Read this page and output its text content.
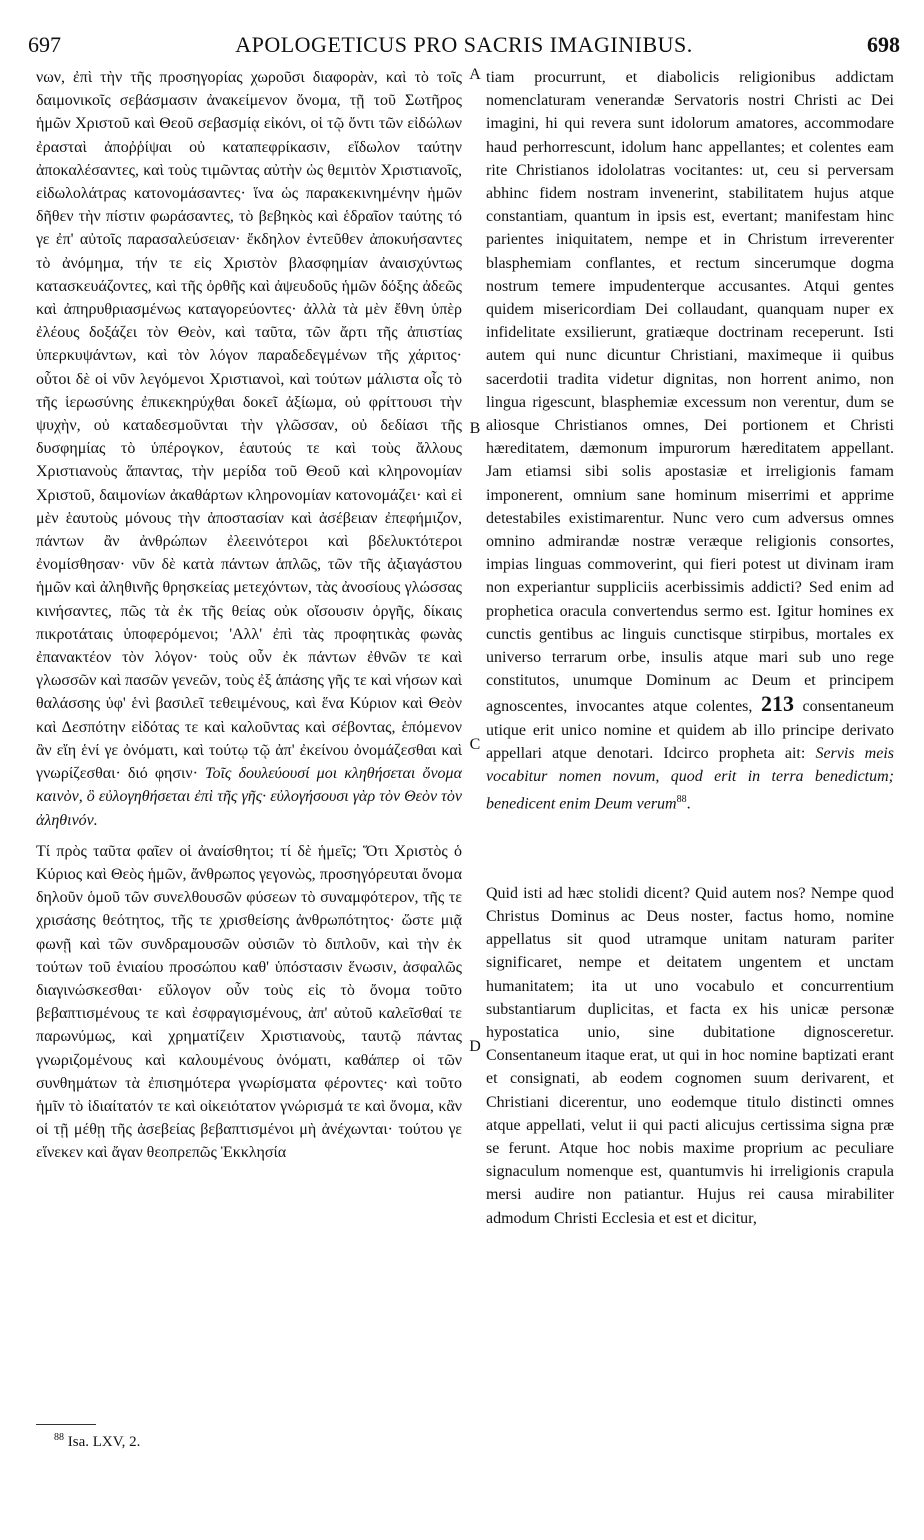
697	APOLOGETICUS PRO SACRIS IMAGINIBUS.	698

νων, ἐπὶ τὴν τῆς προσηγορίας χωροῦσι διαφορὰν, καὶ τὸ τοῖς δαιμονικοῖς σεβάσμασιν ἀνακείμενον ὄνομα, τῇ τοῦ Σωτῆρος ἡμῶν Χριστοῦ καὶ Θεοῦ σεβασμίᾳ εἰκόνι, οἱ τῷ ὄντι τῶν εἰδώλων ἐρασταὶ ἀποῤῥίψαι οὐ καταπεφρίκασιν, εἴδωλον ταύτην ἀποκαλέσαντες, καὶ τοὺς τιμῶντας αὐτὴν ὡς θεμιτὸν Χριστιανοῖς, εἰδωλολάτρας κατονομάσαντες· ἵνα ὡς παρακεκινημένην ἡμῶν δῆθεν τὴν πίστιν φωράσαντες, τὸ βεβηκὸς καὶ ἑδραῖον ταύτης τό γε ἐπ' αὐτοῖς παρασαλεύσειαν· ἔκδηλον ἐντεῦθεν ἀποκυήσαντες τὸ ἀνόμημα, τήν τε εἰς Χριστὸν βλασφημίαν ἀναισχύντως κατασκευάζοντες, καὶ τῆς ὀρθῆς καὶ ἀψευδοῦς ἡμῶν δόξης ἀδεῶς καὶ ἀπηρυθριασμένως καταγορεύοντες· ἀλλὰ τὰ μὲν ἔθνη ὑπὲρ ἐλέους δοξάζει τὸν Θεὸν, καὶ ταῦτα, τῶν ἄρτι τῆς ἀπιστίας ὑπερκυψάντων, καὶ τὸν λόγον παραδεδεγμένων τῆς χάριτος· οὗτοι δὲ οἱ νῦν λεγόμενοι Χριστιανοὶ, καὶ τούτων μάλιστα οἷς τὸ τῆς ἱερωσύνης ἐπικεκηρύχθαι δοκεῖ ἀξίωμα, οὐ φρίττουσι τὴν ψυχὴν, οὐ καταδεσμοῦνται τὴν γλῶσσαν, οὐ δεδίασι τῆς δυσφημίας τὸ ὑπέρογκον, ἑαυτούς τε καὶ τοὺς ἄλλους Χριστιανοὺς ἅπαντας, τὴν μερίδα τοῦ Θεοῦ καὶ κληρονομίαν Χριστοῦ, δαιμονίων ἀκαθάρτων κληρονομίαν κατονομάζει· καὶ εἰ μὲν ἑαυτοὺς μόνους τὴν ἀποστασίαν καὶ ἀσέβειαν ἐπεφήμιζον, πάντων ἂν ἀνθρώπων ἐλεεινότεροι καὶ βδελυκτότεροι ἐνομίσθησαν· νῦν δὲ κατὰ πάντων ἁπλῶς, τῶν τῆς ἀξιαγάστου ἡμῶν καὶ ἀληθινῆς θρησκείας μετεχόντων, τὰς ἀνοσίους γλώσσας κινήσαντες, πῶς τὰ ἐκ τῆς θείας οὐκ οἴσουσιν ὀργῆς, δίκαις πικροτάταις ὑποφερόμενοι; 'Αλλ' ἐπὶ τὰς προφητικὰς φωνὰς ἐπανακτέον τὸν λόγον· τοὺς οὖν ἐκ πάντων ἐθνῶν τε καὶ γλωσσῶν καὶ πασῶν γενεῶν, τοὺς ἐξ ἁπάσης γῆς τε καὶ νήσων καὶ θαλάσσης ὑφ' ἑνὶ βασιλεῖ τεθειμένους, καὶ ἕνα Κύριον καὶ Θεὸν καὶ Δεσπότην εἰδότας τε καὶ καλοῦντας καὶ σέβοντας, ἑπόμενον ἂν εἴη ἑνί γε ὀνόματι, καὶ τούτῳ τῷ ἀπ' ἐκείνου ὀνομάζεσθαι καὶ γνωρίζεσθαι· διό φησιν· Τοῖς δουλεύουσί μοι κληθήσεται ὄνομα καινὸν, ὃ εὐλογηθήσεται ἐπὶ τῆς γῆς· εὐλογήσουσι γὰρ τὸν Θεὸν τὸν ἀληθινόν.

Τί πρὸς ταῦτα φαῖεν οἱ ἀναίσθητοι; τί δὲ ἡμεῖς; Ὅτι Χριστὸς ὁ Κύριος καὶ Θεὸς ἡμῶν, ἄνθρωπος γεγονὼς, προσηγόρευται ὄνομα δηλοῦν ὁμοῦ τῶν συνελθουσῶν φύσεων τὸ συναμφότερον, τῆς τε χρισάσης θεότητος, τῆς τε χρισθείσης ἀνθρωπότητος· ὥστε μιᾷ φωνῇ καὶ τῶν συνδραμουσῶν οὐσιῶν τὸ διπλοῦν, καὶ τὴν ἐκ τούτων τοῦ ἑνιαίου προσώπου καθ' ὑπόστασιν ἕνωσιν, ἀσφαλῶς διαγινώσκεσθαι· εὔλογον οὖν τοὺς εἰς τὸ ὄνομα τοῦτο βεβαπτισμένους τε καὶ ἐσφραγισμένους, ἀπ' αὐτοῦ καλεῖσθαί τε παρωνύμως, καὶ χρηματίζειν Χριστιανοὺς, ταυτῷ πάντας γνωριζομένους καὶ καλουμένους ὀνόματι, καθάπερ οἱ τῶν συνθημάτων τὰ ἐπισημότερα γνωρίσματα φέροντες· καὶ τοῦτο ἡμῖν τὸ ἰδιαίτατόν τε καὶ οἰκειότατον γνώρισμά τε καὶ ὄνομα, κἂν οἱ τῇ μέθῃ τῆς ἀσεβείας βεβαπτισμένοι μὴ ἀνέχωνται· τούτου γε εἵνεκεν καὶ ἄγαν θεοπρεπῶς Ἐκκλησία

A
B
C
D

tiam procurrunt, et diabolicis religionibus addictam nomenclaturam venerandæ Servatoris nostri Christi ac Dei imagini, hi qui revera sunt idolorum amatores, accommodare haud perhorrescunt, idolum hanc appellantes; et colentes eam rite Christianos idololatras vocitantes: ut, ceu si perversam abhinc fidem nostram invenerint, stabilitatem hujus atque constantiam, quantum in ipsis est, evertant; manifestam hinc parientes iniquitatem, nempe et in Christum irreverenter blasphemiam conflantes, et rectum sincerumque dogma nostrum temere impudenterque accusantes. Atqui gentes quidem misericordiam Dei collaudant, quanquam nuper ex infidelitate exsilierunt, gratiæque doctrinam receperunt. Isti autem qui nunc dicuntur Christiani, maximeque ii quibus sacerdotii tradita videtur dignitas, non horrent animo, non lingua rigescunt, blasphemiæ excessum non verentur, dum se aliosque Christianos omnes, Dei portionem et Christi hæreditatem, dæmonum impurorum hæreditatem appellant. Jam etiamsi sibi solis apostasiæ et irreligionis famam imponerent, omnium sane hominum miserrimi et apprime detestabiles existimarentur. Nunc vero cum adversus omnes omnino admirandæ nostræ veræque religionis consortes, impias linguas commoverint, qui fieri potest ut divinam iram non experiantur suppliciis acerbissimis addicti? Sed enim ad prophetica oracula convertendus sermo est. Igitur homines ex cunctis gentibus ac linguis cunctisque stirpibus, mortales ex universo terrarum orbe, insulis atque mari sub uno rege constitutos, unumque Dominum ac Deum et principem agnoscentes, invocantes atque colentes, 213 consentaneum utique erit unico nomine et quidem ab illo principe derivato appellari atque denotari. Idcirco propheta ait: Servis meis vocabitur nomen novum, quod erit in terra benedictum; benedicent enim Deum verum$^{88}$.

Quid isti ad hæc stolidi dicent? Quid autem nos? Nempe quod Christus Dominus ac Deus noster, factus homo, nomine appellatus sit quod utramque unitam naturam pariter significaret, nempe et deitatem ungentem et unctam humanitatem; ita ut uno vocabulo et concurrentium substantiarum duplicitas, et facta ex his unicæ personæ hypostatica unio, sine dubitatione dignosceretur. Consentaneum itaque erat, ut qui in hoc nomine baptizati erant et consignati, ab eodem cognomen suum derivarent, et Christiani dicerentur, uno eodemque titulo distincti omnes atque appellati, velut ii qui pacti alicujus certissima signa præ se ferunt. Atque hoc nobis maxime proprium ac peculiare signaculum nomenque est, quantumvis hi irreligionis crapula mersi audire non patiantur. Hujus rei causa mirabiliter admodum Christi Ecclesia et est et dicitur,

$^{88}$ Isa. LXV, 2.
